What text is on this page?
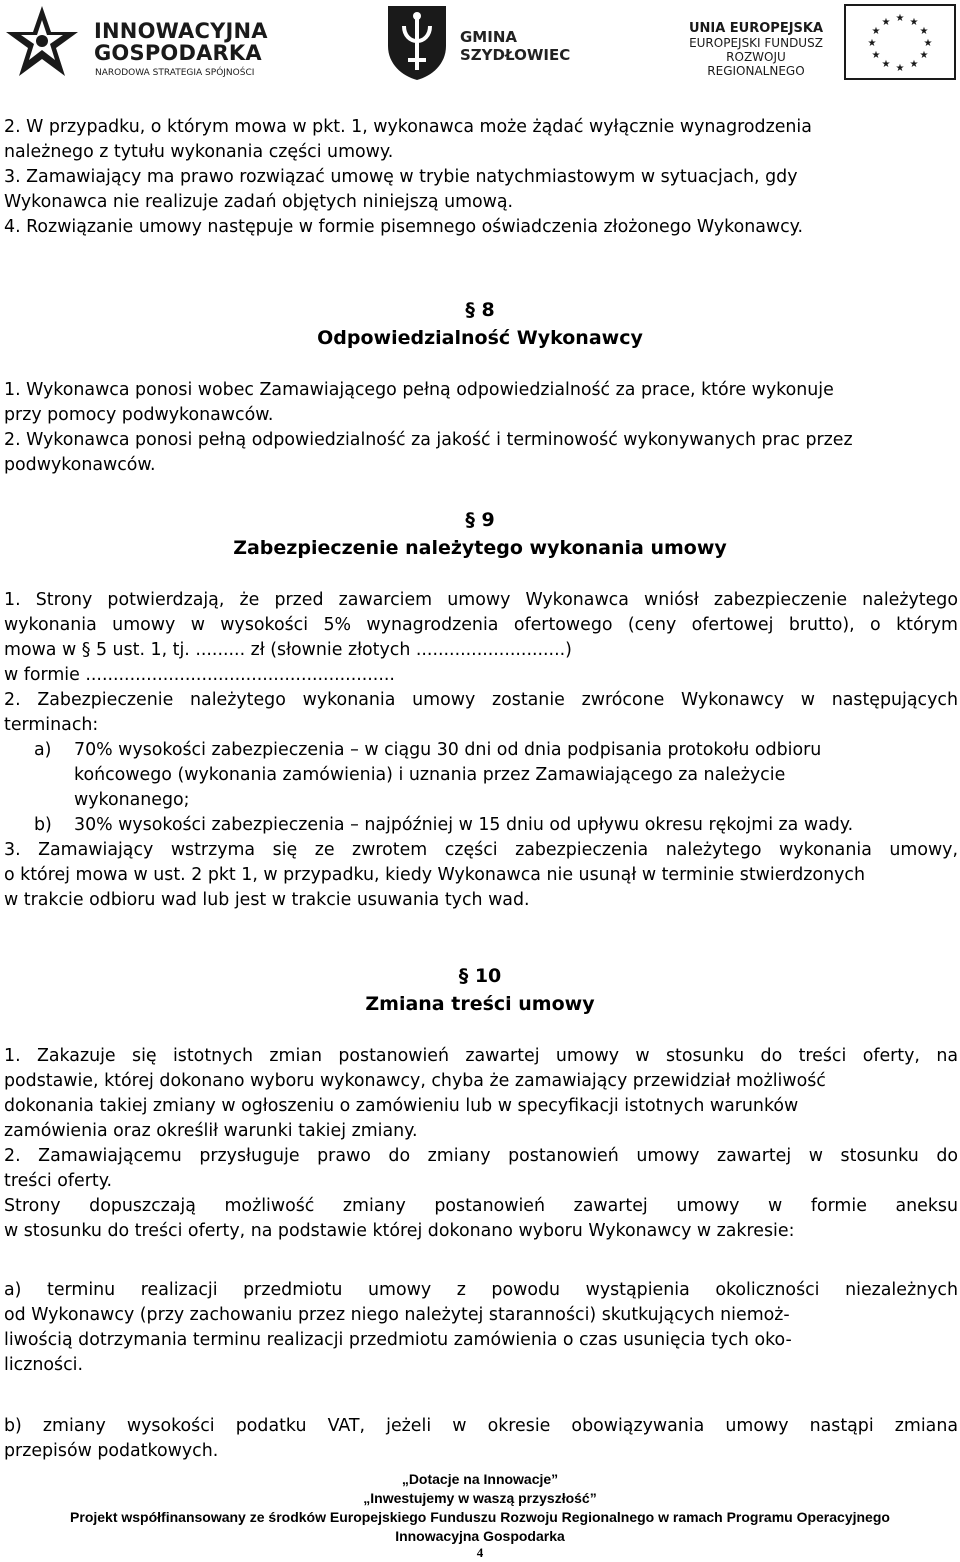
INNOWACYJNA
GOSPODARKA
NARODOWA STRATEGIA SPÓJNOŚCI
GMINA
SZYDŁOWIEC
UNIA EUROPEJSKA
EUROPEJSKI FUNDUSZ
ROZWOJU REGIONALNEGO
★ ★
★
★
★
★
★
★
★
★
★
★
2. W przypadku, o którym mowa w pkt. 1, wykonawca może żądać wyłącznie wynagrodzenia
należnego z tytułu wykonania części umowy.
3. Zamawiający ma prawo rozwiązać umowę w trybie natychmiastowym w sytuacjach, gdy
Wykonawca nie realizuje zadań objętych niniejszą umową.
4. Rozwiązanie umowy następuje w formie pisemnego oświadczenia złożonego Wykonawcy.
§ 8
Odpowiedzialność Wykonawcy
1. Wykonawca ponosi wobec Zamawiającego pełną odpowiedzialność za prace, które wykonuje
przy pomocy podwykonawców.
2. Wykonawca ponosi pełną odpowiedzialność za jakość i terminowość wykonywanych prac przez
podwykonawców.
§ 9
Zabezpieczenie należytego wykonania umowy
1. Strony potwierdzają, że przed zawarciem umowy Wykonawca wniósł zabezpieczenie należytego
wykonania umowy w wysokości 5% wynagrodzenia ofertowego (ceny ofertowej brutto), o którym
mowa w § 5 ust. 1, tj. ......... zł (słownie złotych ...........................)
w formie ........................................................
2. Zabezpieczenie należytego wykonania umowy zostanie zwrócone Wykonawcy w następujących
terminach:
a) 70% wysokości zabezpieczenia – w ciągu 30 dni od dnia podpisania protokołu odbioru
końcowego (wykonania zamówienia) i uznania przez Zamawiającego za należycie
wykonanego;
b) 30% wysokości zabezpieczenia – najpóźniej w 15 dniu od upływu okresu rękojmi za wady.
3. Zamawiający wstrzyma się ze zwrotem części zabezpieczenia należytego wykonania umowy,
o której mowa w ust. 2 pkt 1, w przypadku, kiedy Wykonawca nie usunął w terminie stwierdzonych
w trakcie odbioru wad lub jest w trakcie usuwania tych wad.
§ 10
Zmiana treści umowy
1. Zakazuje się istotnych zmian postanowień zawartej umowy w stosunku do treści oferty, na
podstawie, której dokonano wyboru wykonawcy, chyba że zamawiający przewidział możliwość
dokonania takiej zmiany w ogłoszeniu o zamówieniu lub w specyfikacji istotnych warunków
zamówienia oraz określił warunki takiej zmiany.
2. Zamawiającemu przysługuje prawo do zmiany postanowień umowy zawartej w stosunku do
treści oferty.
Strony dopuszczają możliwość zmiany postanowień zawartej umowy w formie aneksu
w stosunku do treści oferty, na podstawie której dokonano wyboru Wykonawcy w zakresie:
a) terminu realizacji przedmiotu umowy z powodu wystąpienia okoliczności niezależnych
od Wykonawcy (przy zachowaniu przez niego należytej staranności) skutkujących niemoż-
liwością dotrzymania terminu realizacji przedmiotu zamówienia o czas usunięcia tych oko-
liczności.
b) zmiany wysokości podatku VAT, jeżeli w okresie obowiązywania umowy nastąpi zmiana
przepisów podatkowych.
„Dotacje na Innowacje”
„Inwestujemy w waszą przyszłość”
Projekt współfinansowany ze środków Europejskiego Funduszu Rozwoju Regionalnego w ramach Programu Operacyjnego
Innowacyjna Gospodarka
4
